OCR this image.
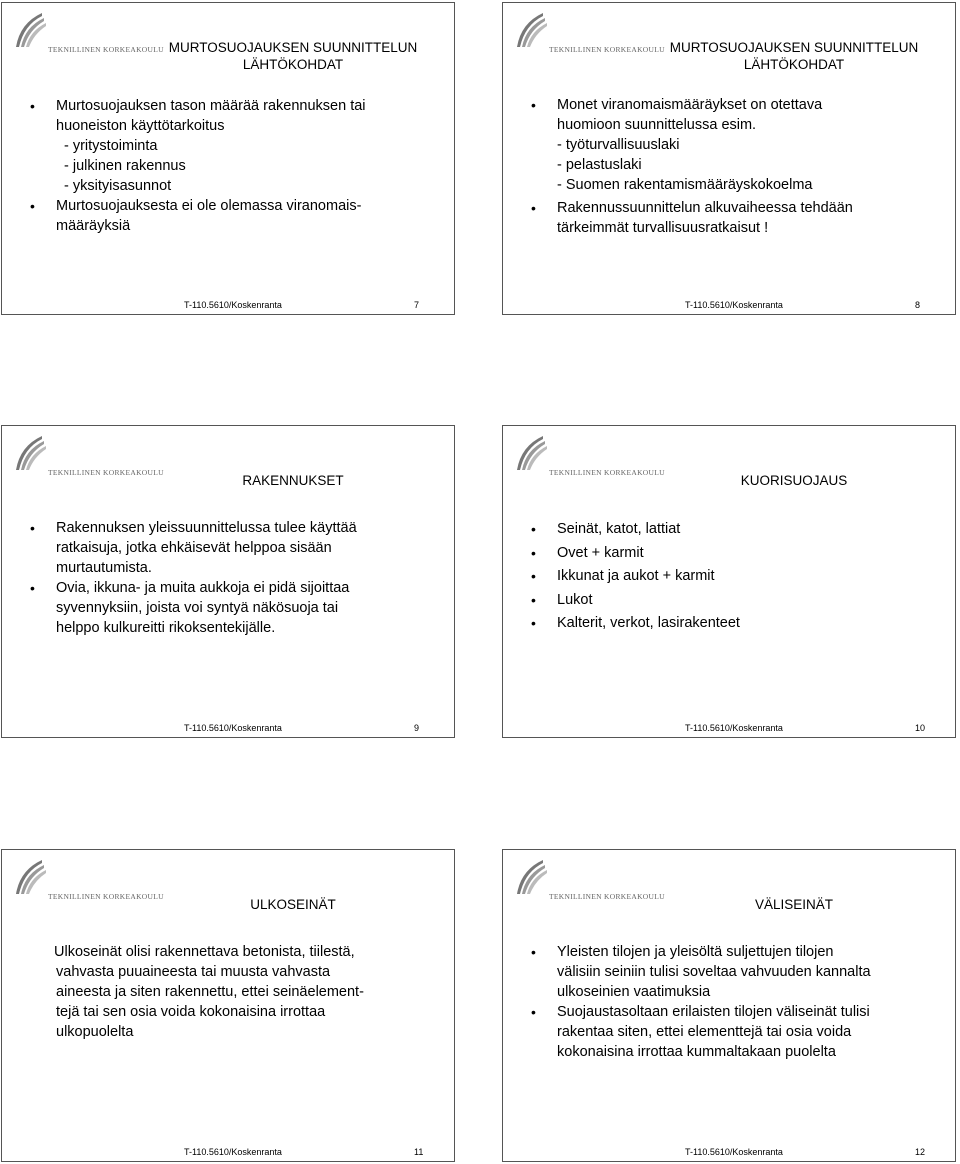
TEKNILLINEN KORKEAKOULU MURTOSUOJAUKSEN SUUNNITTELUN
LÄHTÖKOHDAT
• Murtosuojauksen tason määrää rakennuksen tai
huoneiston käyttötarkoitus
- yritystoiminta
- julkinen rakennus
- yksityisasunnot
• Murtosuojauksesta ei ole olemassa viranomais-
määräyksiä
T-110.5610/Koskenranta	7
TEKNILLINEN KORKEAKOULU MURTOSUOJAUKSEN SUUNNITTELUN
LÄHTÖKOHDAT
• Monet viranomaismääräykset on otettava
huomioon suunnittelussa esim.
- työturvallisuuslaki
- pelastuslaki
- Suomen rakentamismääräyskokoelma
• Rakennussuunnittelun alkuvaiheessa tehdään
tärkeimmät turvallisuusratkaisut !
T-110.5610/Koskenranta	8
TEKNILLINEN KORKEAKOULU
RAKENNUKSET
• Rakennuksen yleissuunnittelussa tulee käyttää
ratkaisuja, jotka ehkäisevät helppoa sisään
murtautumista.
• Ovia, ikkuna- ja muita aukkoja ei pidä sijoittaa
syvennyksiin, joista voi syntyä näkösuoja tai
helppo kulkureitti rikoksentekijälle.
T-110.5610/Koskenranta	9
TEKNILLINEN KORKEAKOULU
KUORISUOJAUS
• Seinät, katot, lattiat
• Ovet + karmit
• Ikkunat ja aukot + karmit
• Lukot
• Kalterit, verkot, lasirakenteet
T-110.5610/Koskenranta	10
TEKNILLINEN KORKEAKOULU
ULKOSEINÄT
Ulkoseinät olisi rakennettava betonista, tiilestä,
vahvasta puuaineesta tai muusta vahvasta
aineesta ja siten rakennettu, ettei seinäelement-
tejä tai sen osia voida kokonaisina irrottaa
ulkopuolelta
T-110.5610/Koskenranta	11
TEKNILLINEN KORKEAKOULU
VÄLISEINÄT
• Yleisten tilojen ja yleisöltä suljettujen tilojen
välisiin seiniin tulisi soveltaa vahvuuden kannalta
ulkoseinien vaatimuksia
• Suojaustasoltaan erilaisten tilojen väliseinät tulisi
rakentaa siten, ettei elementtejä tai osia voida
kokonaisina irrottaa kummaltakaan puolelta
T-110.5610/Koskenranta	12
